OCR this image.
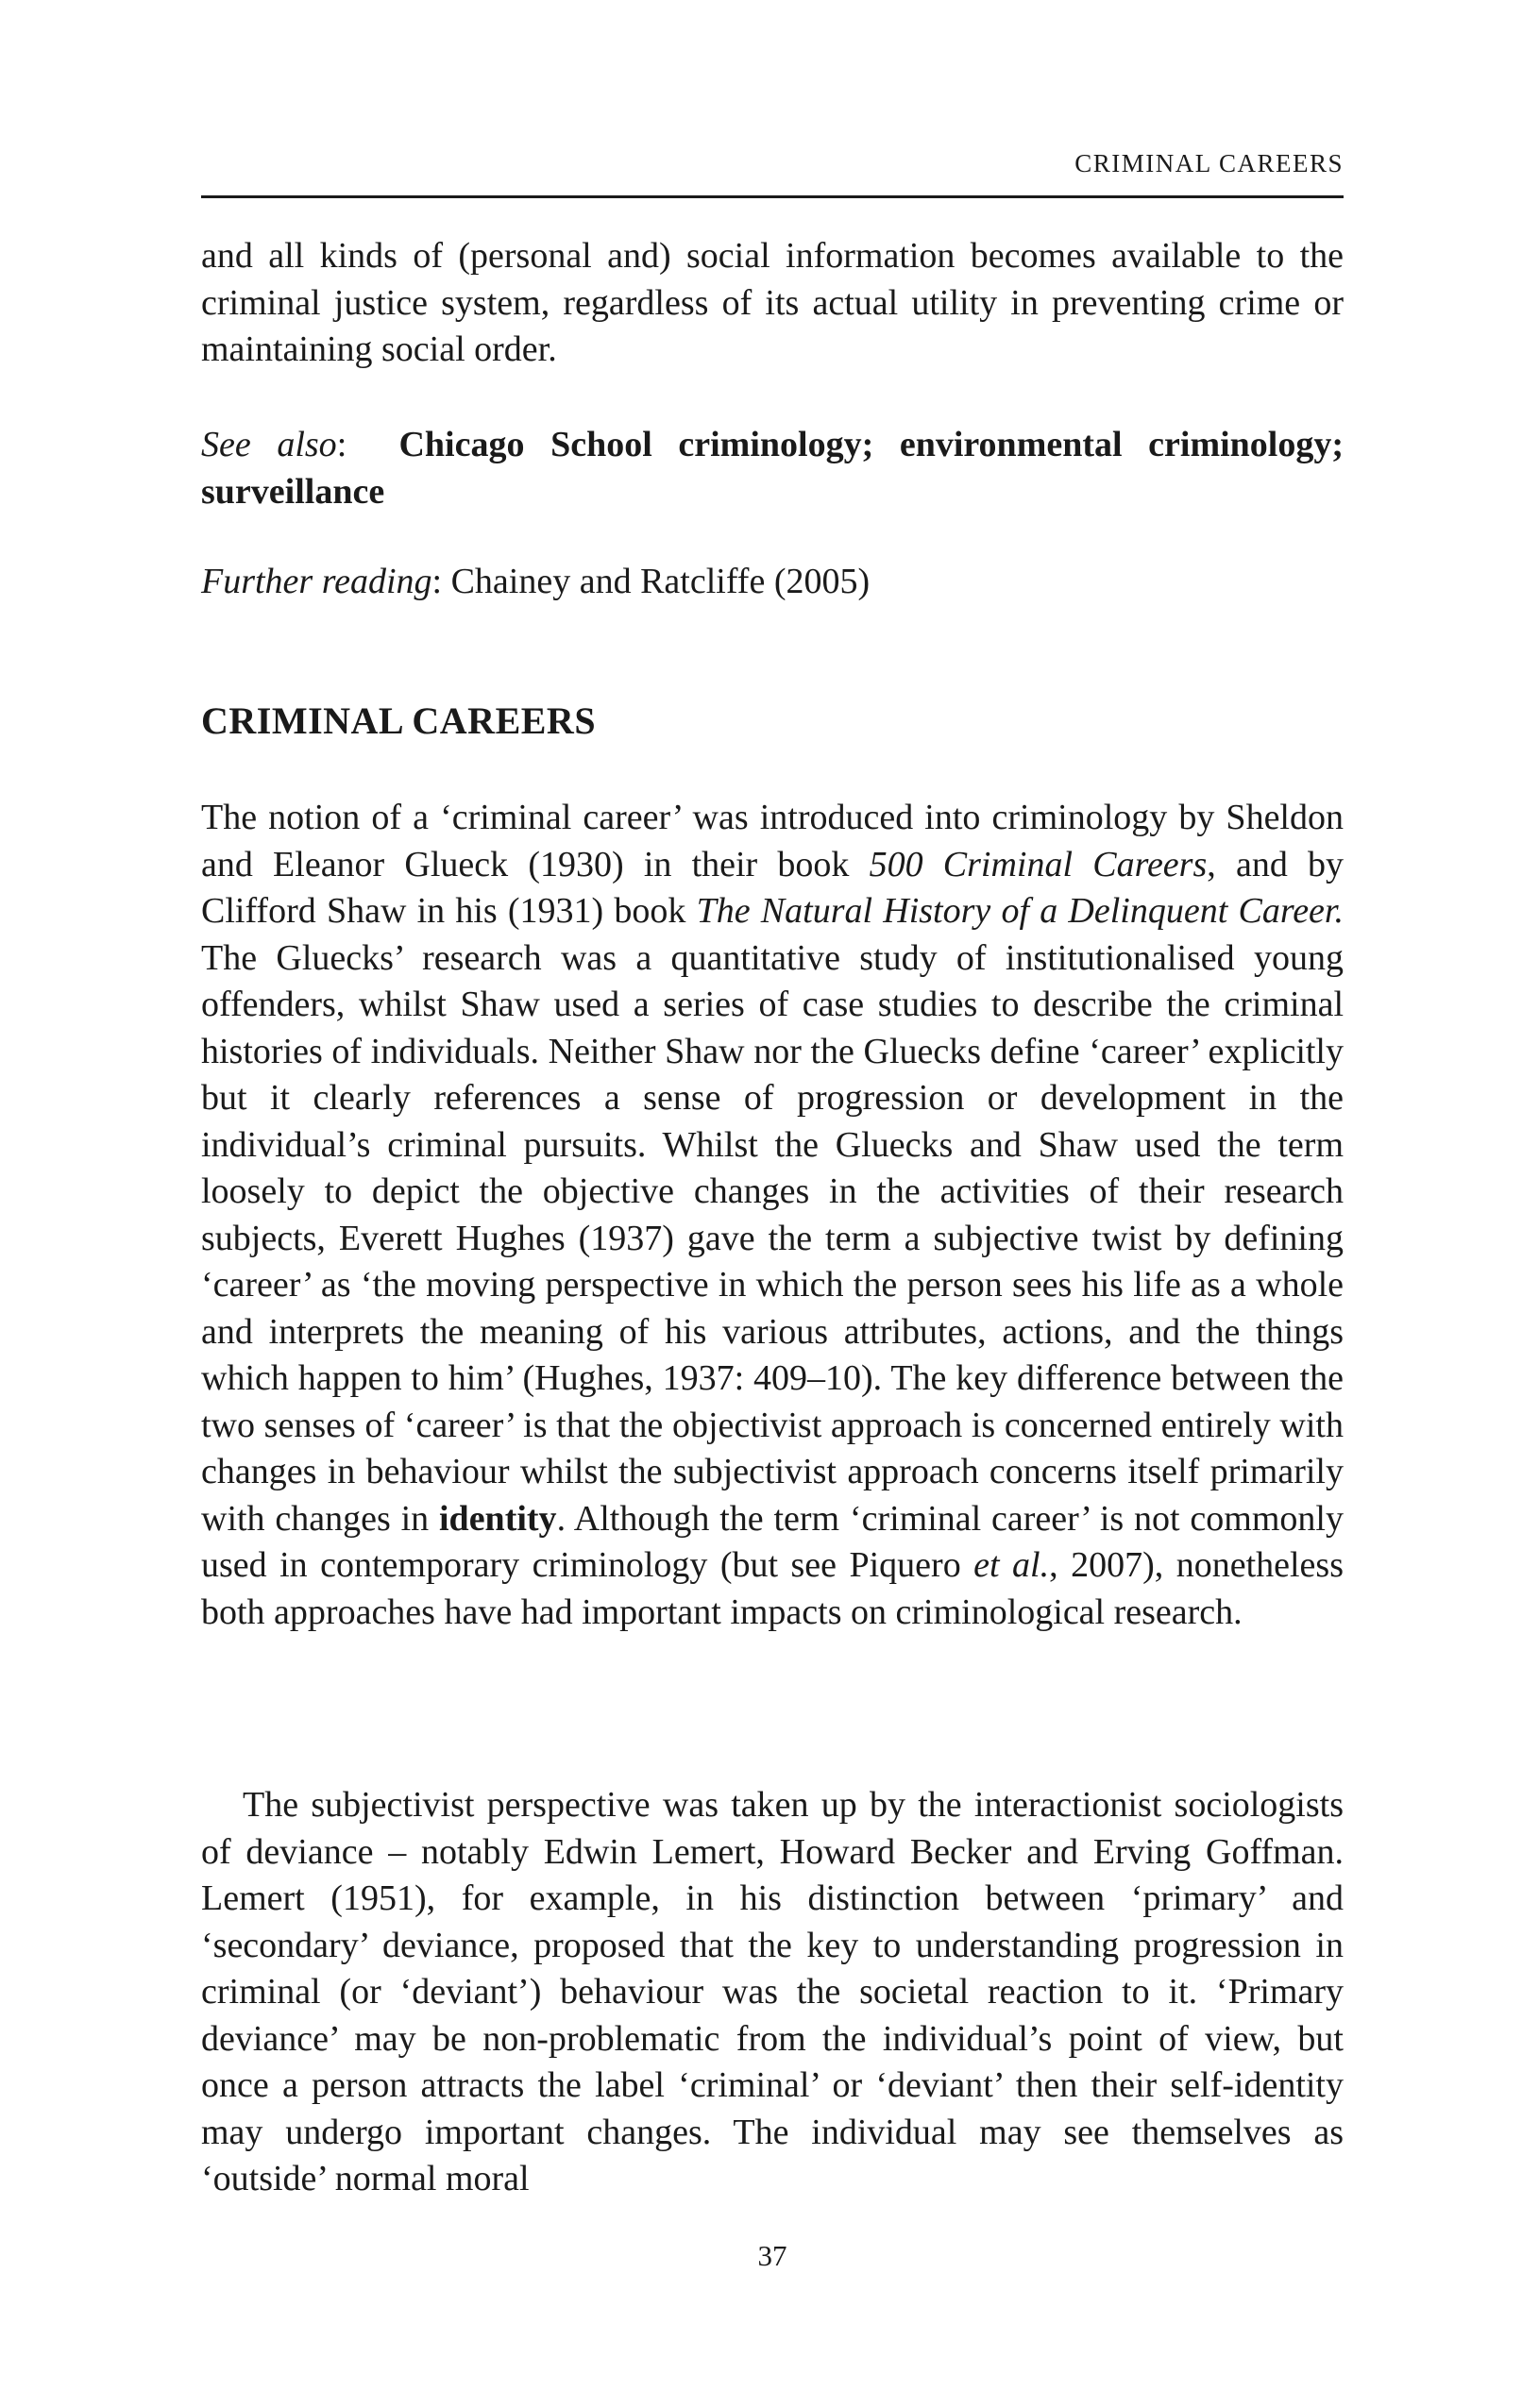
CRIMINAL CAREERS

and all kinds of (personal and) social information becomes available to the criminal justice system, regardless of its actual utility in preventing crime or maintaining social order.

See also: Chicago School criminology; environmental criminology; surveillance

Further reading: Chainey and Ratcliffe (2005)

CRIMINAL CAREERS

The notion of a ‘criminal career’ was introduced into criminology by Sheldon and Eleanor Glueck (1930) in their book 500 Criminal Careers, and by Clifford Shaw in his (1931) book The Natural History of a Delinquent Career. The Gluecks’ research was a quantitative study of institutionalised young offenders, whilst Shaw used a series of case studies to describe the criminal histories of individuals. Neither Shaw nor the Gluecks define ‘career’ explicitly but it clearly references a sense of progression or development in the individual’s criminal pursuits. Whilst the Gluecks and Shaw used the term loosely to depict the objective changes in the activities of their research subjects, Everett Hughes (1937) gave the term a subjective twist by defining ‘career’ as ‘the moving perspective in which the person sees his life as a whole and interprets the meaning of his various attributes, actions, and the things which happen to him’ (Hughes, 1937: 409–10). The key difference between the two senses of ‘career’ is that the objectivist approach is concerned entirely with changes in behaviour whilst the subjectivist approach concerns itself primarily with changes in identity. Although the term ‘criminal career’ is not commonly used in contemporary criminology (but see Piquero et al., 2007), nonetheless both approaches have had important impacts on criminological research.

The subjectivist perspective was taken up by the interactionist sociologists of deviance – notably Edwin Lemert, Howard Becker and Erving Goffman. Lemert (1951), for example, in his distinction between ‘primary’ and ‘secondary’ deviance, proposed that the key to understanding progression in criminal (or ‘deviant’) behaviour was the societal reaction to it. ‘Primary deviance’ may be non-problematic from the individual’s point of view, but once a person attracts the label ‘criminal’ or ‘deviant’ then their self-identity may undergo important changes. The individual may see themselves as ‘outside’ normal moral

37
